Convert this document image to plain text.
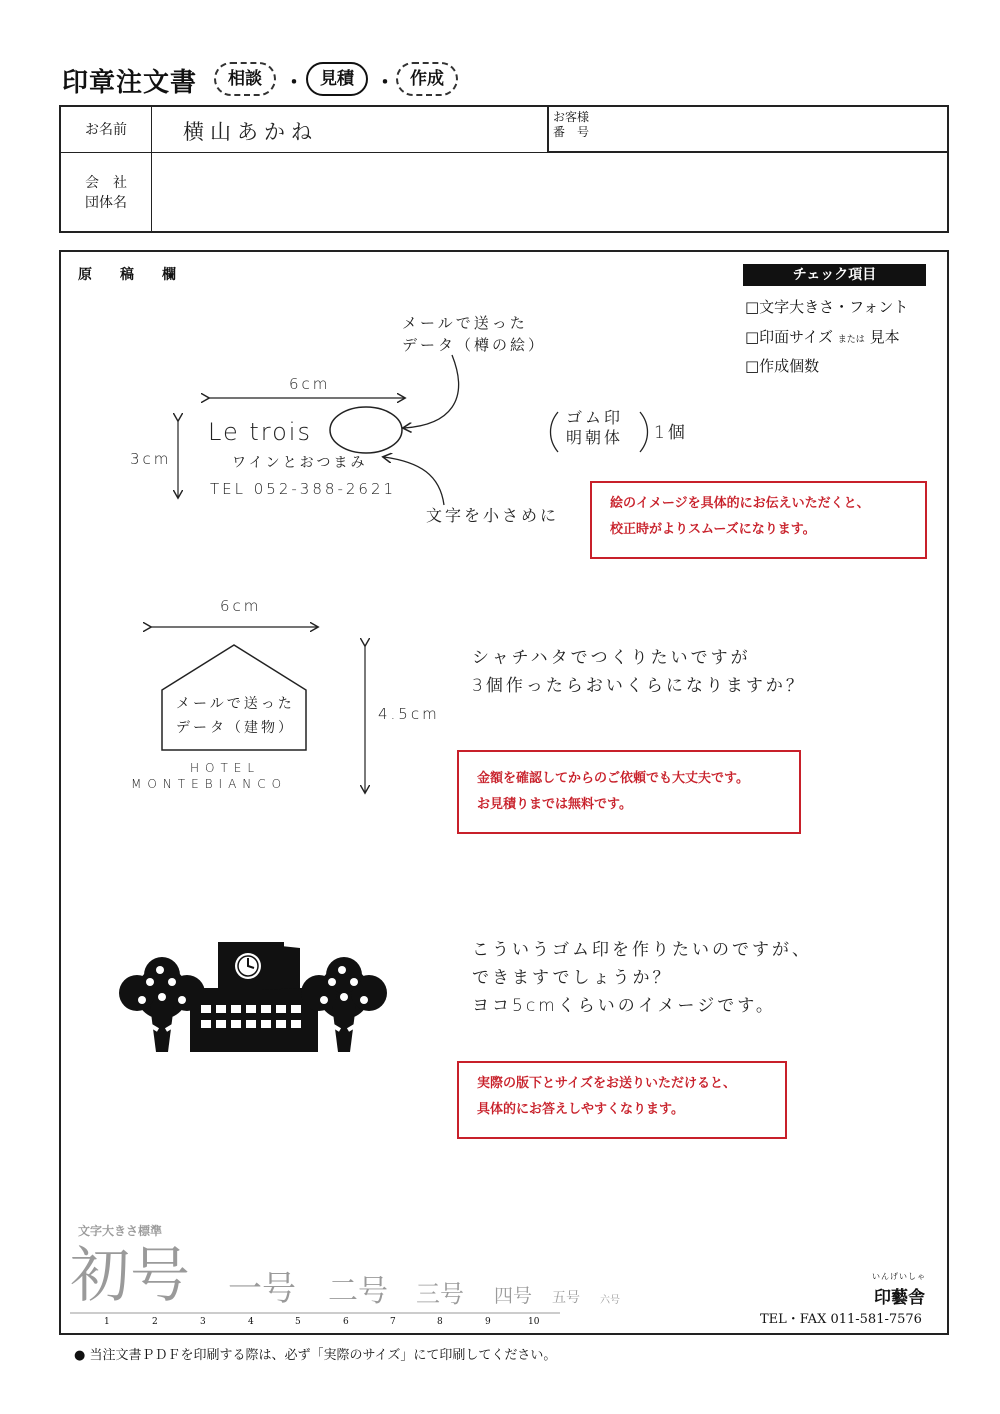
印章注文書	相談	・ 見積	・ 作成
お名前	横山あかね
お客様
番　号
会　社
団体名
原　　稿　　欄	チェック項目
□文字大きさ・フォント
□印面サイズ または 見本
□作成個数
メールで送った
データ（樽の絵）
6cm
3cm
Le trois
ワインとおつまみ
TEL 052-388-2621
文字を小さめに
ゴム印
明朝体 1個
6cm
4.5cm
メールで送った
データ（建物）
HOTEL
MONTEBIANCO
シャチハタでつくりたいですが
3個作ったらおいくらになりますか？
こういうゴム印を作りたいのですが、
できますでしょうか？
ヨコ5cmくらいのイメージです。
絵のイメージを具体的にお伝えいただくと、
校正時がよりスムーズになります。
金額を確認してからのご依頼でも大丈夫です。
お見積りまでは無料です。
実際の版下とサイズをお送りいただけると、
具体的にお答えしやすくなります。
文字大きさ標準
初号 一号 二号 三号 四号 五号 六号
1	2	3	4	5	6	7	8	9	10
いんげいしゃ
印藝舎
TEL・FAX 011-581-7576
● 当注文書ＰＤＦを印刷する際は、必ず「実際のサイズ」にて印刷してください。
